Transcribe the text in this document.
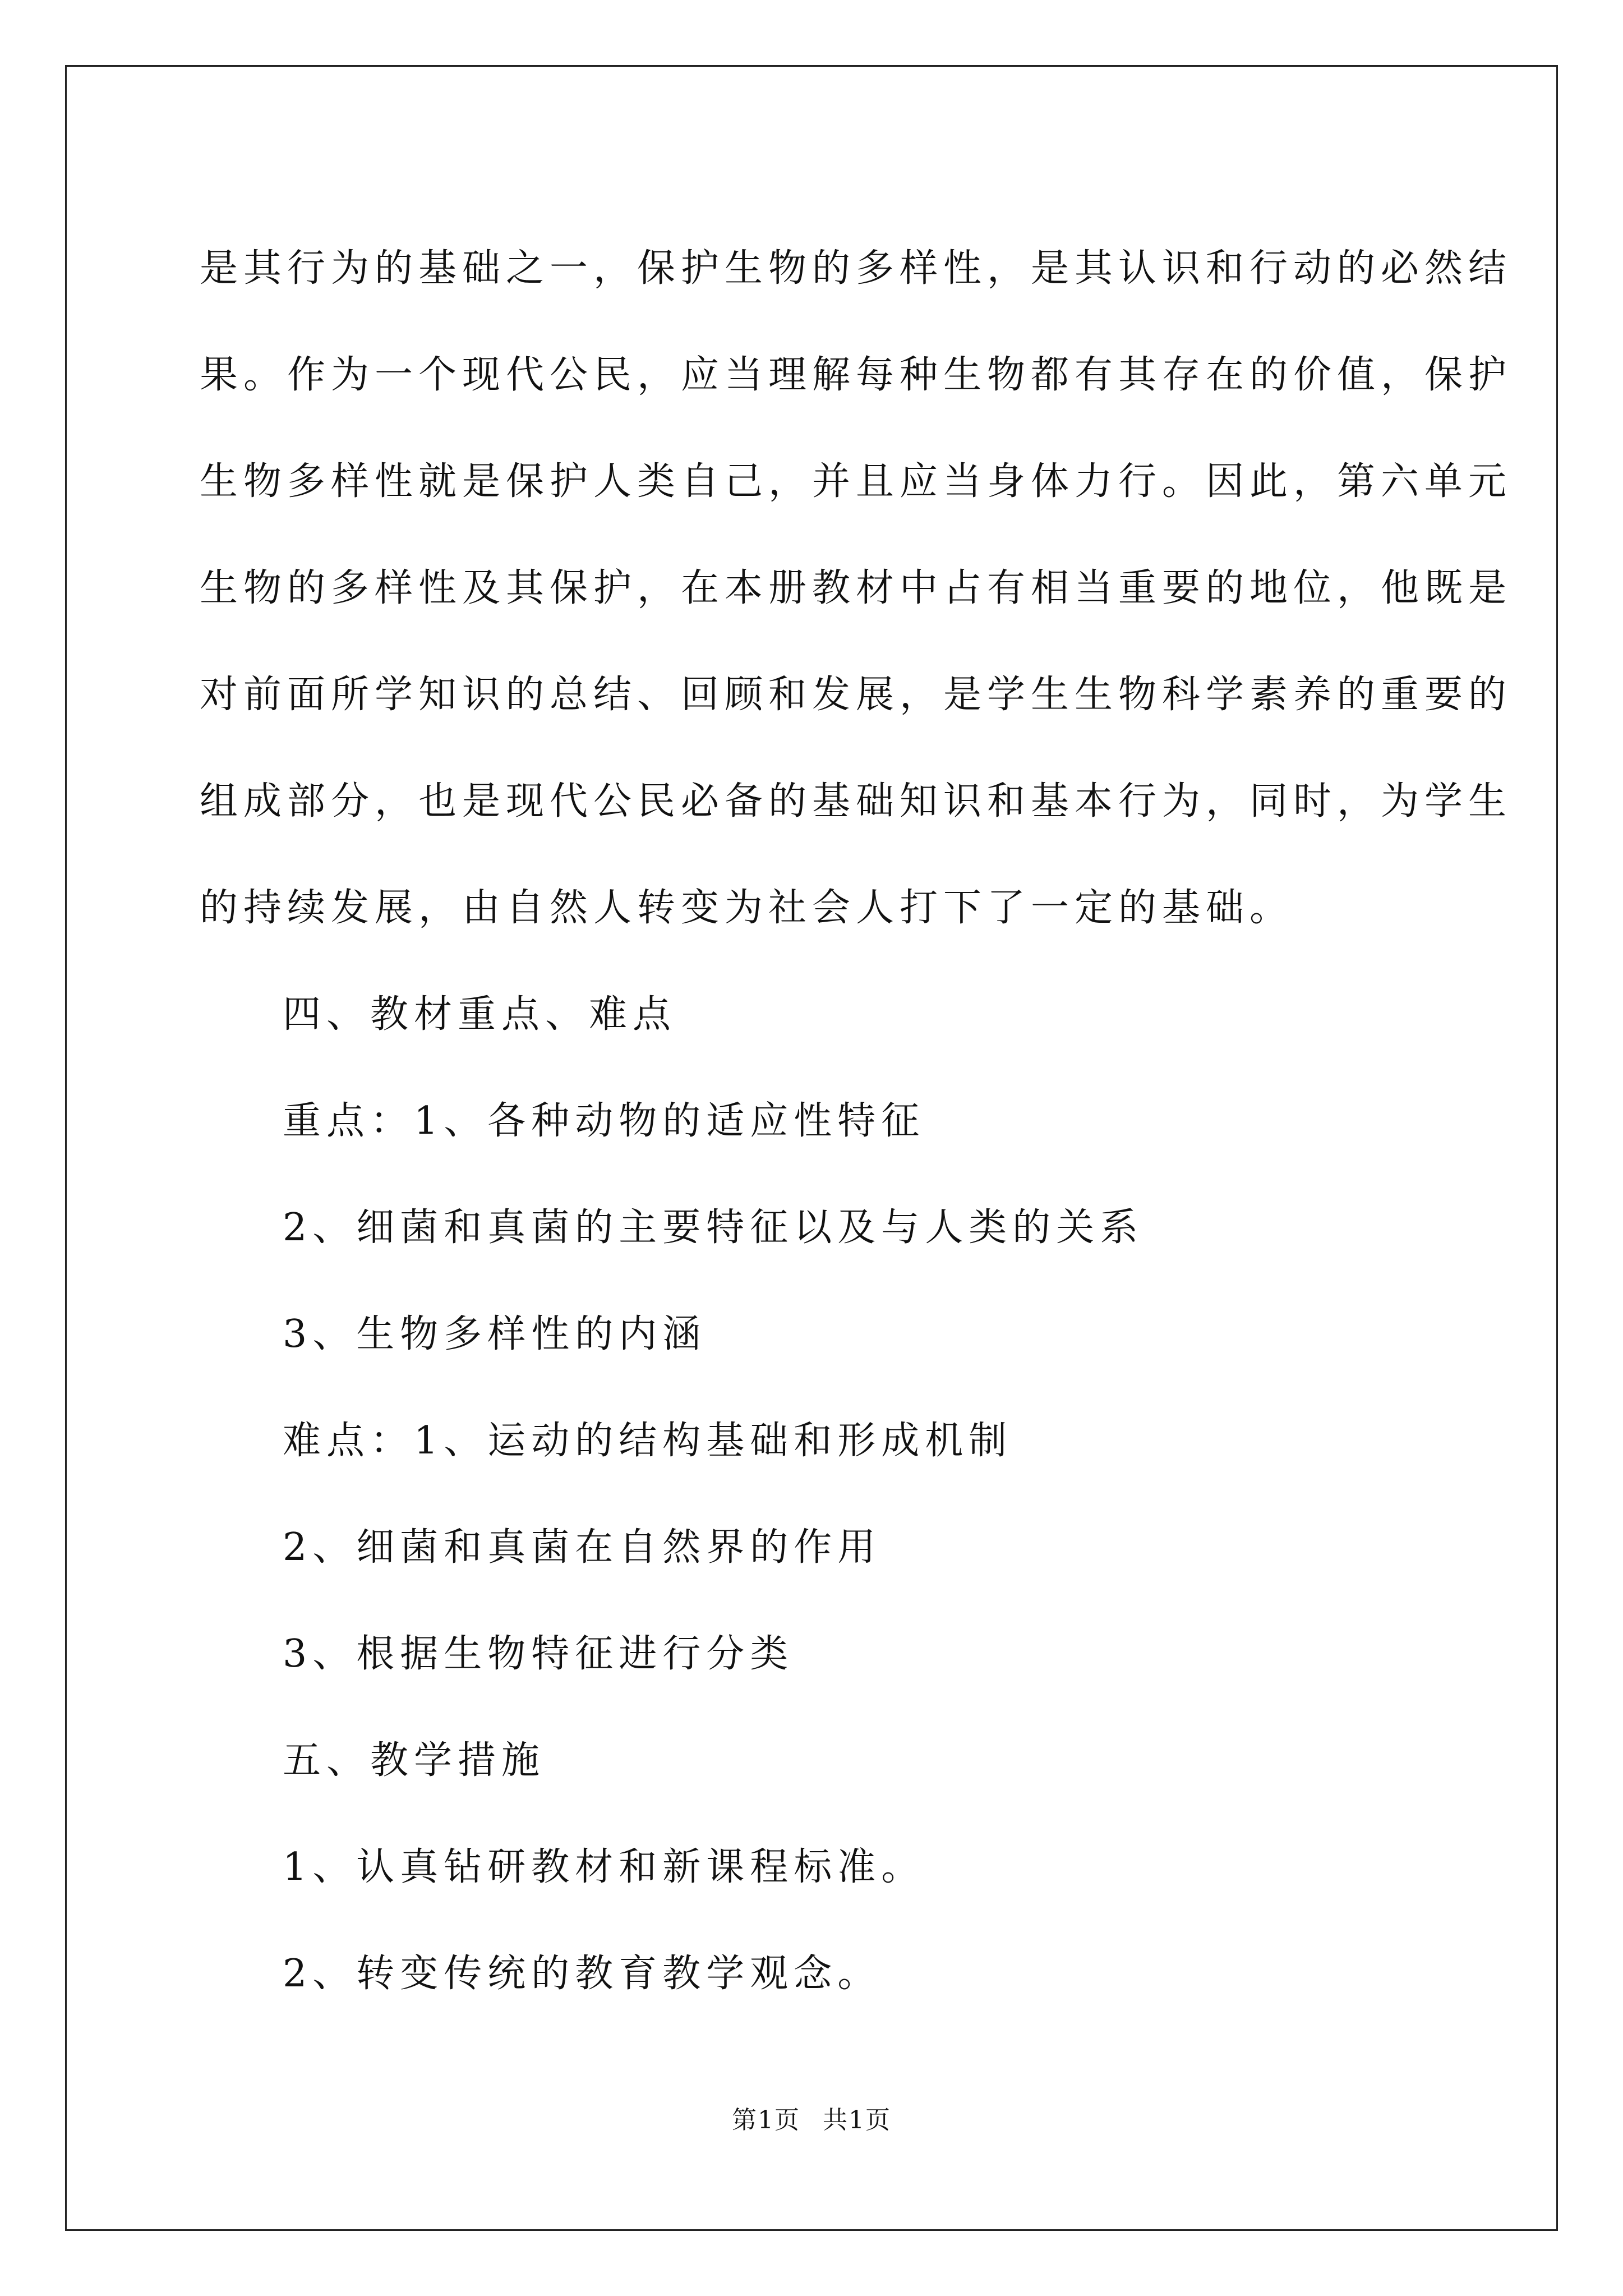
是其行为的基础之一，保护生物的多样性，是其认识和行动的必然结
果。作为一个现代公民，应当理解每种生物都有其存在的价值，保护
生物多样性就是保护人类自己，并且应当身体力行。因此，第六单元
生物的多样性及其保护，在本册教材中占有相当重要的地位，他既是
对前面所学知识的总结、回顾和发展，是学生生物科学素养的重要的
组成部分，也是现代公民必备的基础知识和基本行为，同时，为学生
的持续发展，由自然人转变为社会人打下了一定的基础。
四、教材重点、难点
重点：1、各种动物的适应性特征
2、细菌和真菌的主要特征以及与人类的关系
3、生物多样性的内涵
难点：1、运动的结构基础和形成机制
2、细菌和真菌在自然界的作用
3、根据生物特征进行分类
五、教学措施
1、认真钻研教材和新课程标准。
2、转变传统的教育教学观念。
第1页 共1页
